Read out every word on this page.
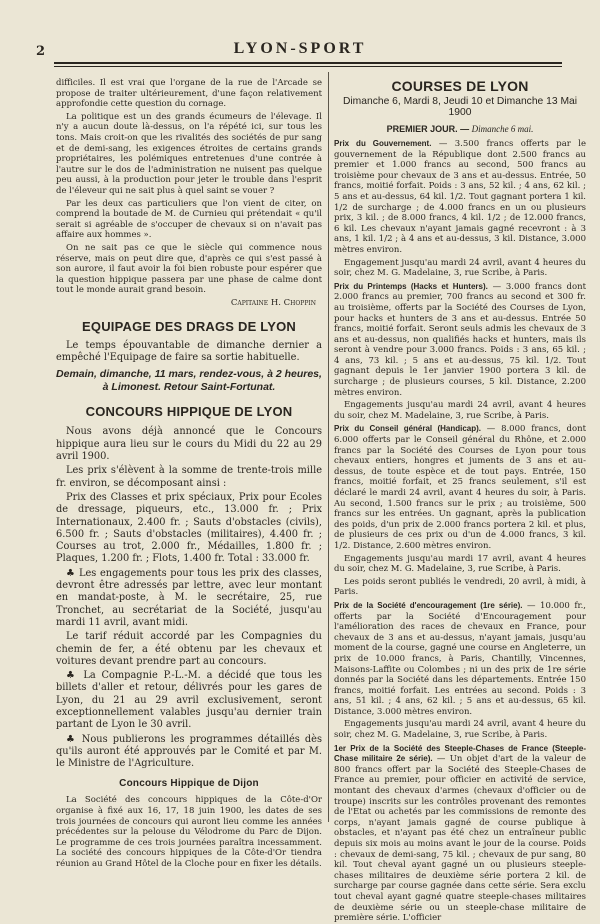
2	LYON-SPORT

difficiles. Il est vrai que l'organe de la rue de l'Arcade se propose de traiter ultérieurement, d'une façon relativement approfondie cette question du cornage.

La politique est un des grands écumeurs de l'élevage. Il n'y a aucun doute là-dessus, on l'a répété ici, sur tous les tons. Mais croit-on que les rivalités des sociétés de pur sang et de demi-sang, les exigences étroites de certains grands propriétaires, les polémiques entretenues d'une contrée à l'autre sur le dos de l'administration ne nuisent pas quelque peu aussi, à la production pour jeter le trouble dans l'esprit de l'éleveur qui ne sait plus à quel saint se vouer ?

Par les deux cas particuliers que l'on vient de citer, on comprend la boutade de M. de Curnieu qui prétendait « qu'il serait si agréable de s'occuper de chevaux si on n'avait pas affaire aux hommes ».

On ne sait pas ce que le siècle qui commence nous réserve, mais on peut dire que, d'après ce qui s'est passé à son aurore, il faut avoir la foi bien robuste pour espérer que la question hippique passera par une phase de calme dont tout le monde aurait grand besoin.

Capitaine H. Choppin
EQUIPAGE DES DRAGS DE LYON

Le temps épouvantable de dimanche dernier a empêché l'Equipage de faire sa sortie habituelle.

Demain, dimanche, 11 mars, rendez-vous, à 2 heures, à Limonest. Retour Saint-Fortunat.
CONCOURS HIPPIQUE DE LYON

Nous avons déjà annoncé que le Concours hippique aura lieu sur le cours du Midi du 22 au 29 avril 1900.

Les prix s'élèvent à la somme de trente-trois mille fr. environ, se décomposant ainsi :

Prix des Classes et prix spéciaux, Prix pour Ecoles de dressage, piqueurs, etc., 13.000 fr. ; Prix Internationaux, 2.400 fr. ; Sauts d'obstacles (civils), 6.500 fr. ; Sauts d'obstacles (militaires), 4.400 fr. ; Courses au trot, 2.000 fr., Médailles, 1.800 fr. ; Plaques, 1.200 fr. ; Flots, 1.400 fr. Total : 33.000 fr.

♣ Les engagements pour tous les prix des classes, devront être adressés par lettre, avec leur montant en mandat-poste, à M. le secrétaire, 25, rue Tronchet, au secrétariat de la Société, jusqu'au mardi 11 avril, avant midi.

Le tarif réduit accordé par les Compagnies du chemin de fer, a été obtenu par les chevaux et voitures devant prendre part au concours.

♣ La Compagnie P.-L.-M. a décidé que tous les billets d'aller et retour, délivrés pour les gares de Lyon, du 21 au 29 avril exclusivement, seront exceptionnellement valables jusqu'au dernier train partant de Lyon le 30 avril.

♣ Nous publierons les programmes détaillés dès qu'ils auront été approuvés par le Comité et par M. le Ministre de l'Agriculture.

Concours Hippique de Dijon

La Société des concours hippiques de la Côte-d'Or organise à fixé aux 16, 17, 18 juin 1900, les dates de ses trois journées de concours qui auront lieu comme les années précédentes sur la pelouse du Vélodrome du Parc de Dijon. Le programme de ces trois journées paraîtra incessamment. La société des concours hippiques de la Côte-d'Or tiendra réunion au Grand Hôtel de la Cloche pour en fixer les détails.

COURSES DE LYON
Dimanche 6, Mardi 8, Jeudi 10 et Dimanche 13 Mai 1900
PREMIER JOUR. — Dimanche 6 mai.

Prix du Gouvernement. — 3.500 francs offerts par le gouvernement de la République dont 2.500 francs au premier et 1.000 francs au second, 500 francs au troisième pour chevaux de 3 ans et au-dessus. Entrée, 50 francs, moitié forfait. Poids : 3 ans, 52 kil. ; 4 ans, 62 kil. ; 5 ans et au-dessus, 64 kil. 1/2. Tout gagnant portera 1 kil. 1/2 de surcharge ; de 4.000 francs en un ou plusieurs prix, 3 kil. ; de 8.000 francs, 4 kil. 1/2 ; de 12.000 francs, 6 kil. Les chevaux n'ayant jamais gagné recevront : à 3 ans, 1 kil. 1/2 ; à 4 ans et au-dessus, 3 kil. Distance, 3.000 mètres environ.

Engagement jusqu'au mardi 24 avril, avant 4 heures du soir, chez M. G. Madelaine, 3, rue Scribe, à Paris.

Prix du Printemps (Hacks et Hunters). — 3.000 francs dont 2.000 francs au premier, 700 francs au second et 300 fr. au troisième, offerts par la Société des Courses de Lyon, pour hacks et hunters de 3 ans et au-dessus. Entrée 50 francs, moitié forfait. Seront seuls admis les chevaux de 3 ans et au-dessus, non qualifiés hacks et hunters, mais ils seront à vendre pour 3.000 francs. Poids : 3 ans, 65 kil. ; 4 ans, 73 kil. ; 5 ans et au-dessus, 75 kil. 1/2. Tout gagnant depuis le 1er janvier 1900 portera 3 kil. de surcharge ; de plusieurs courses, 5 kil. Distance, 2.200 mètres environ.

Engagements jusqu'au mardi 24 avril, avant 4 heures du soir, chez M. Madelaine, 3, rue Scribe, à Paris.

Prix du Conseil général (Handicap). — 8.000 francs, dont 6.000 offerts par le Conseil général du Rhône, et 2.000 francs par la Société des Courses de Lyon pour tous chevaux entiers, hongres et juments de 3 ans et au-dessus, de toute espèce et de tout pays. Entrée, 150 francs, moitié forfait, et 25 francs seulement, s'il est déclaré le mardi 24 avril, avant 4 heures du soir, à Paris. Au second, 1.500 francs sur le prix ; au troisième, 500 francs sur les entrées. Un gagnant, après la publication des poids, d'un prix de 2.000 francs portera 2 kil. et plus, de plusieurs de ces prix ou d'un de 4.000 francs, 3 kil. 1/2. Distance, 2.600 mètres environ.

Engagements jusqu'au mardi 17 avril, avant 4 heures du soir, chez M. G. Madelaine, 3, rue Scribe, à Paris.

Les poids seront publiés le vendredi, 20 avril, à midi, à Paris.

Prix de la Société d'encouragement (1re série). — 10.000 fr., offerts par la Société d'Encouragement pour l'amélioration des races de chevaux en France, pour chevaux de 3 ans et au-dessus, n'ayant jamais, jusqu'au moment de la course, gagné une course en Angleterre, un prix de 10.000 francs, à Paris, Chantilly, Vincennes, Maisons-Laffite ou Colombes ; ni un des prix de 1re série donnés par la Société dans les départements. Entrée 150 francs, moitié forfait. Les entrées au second. Poids : 3 ans, 51 kil. ; 4 ans, 62 kil. ; 5 ans et au-dessus, 65 kil. Distance, 3.000 mètres environ.

Engagements jusqu'au mardi 24 avril, avant 4 heure du soir, chez M. G. Madelaine, 3, rue Scribe, à Paris.

1er Prix de la Société des Steeple-Chases de France (Steeple-Chase militaire 2e série). — Un objet d'art de la valeur de 800 francs offert par la Société des Steeple-Chases de France au premier, pour officier en activité de service, montant des chevaux d'armes (chevaux d'officier ou de troupe) inscrits sur les contrôles provenant des remontes de l'Etat ou achetés par les commissions de remonte des corps, n'ayant jamais gagné de course publique à obstacles, et n'ayant pas été chez un entraîneur public depuis six mois au moins avant le jour de la course. Poids : chevaux de demi-sang, 75 kil. ; chevaux de pur sang, 80 kil. Tout cheval ayant gagné un ou plusieurs steeple-chases militaires de deuxième série portera 2 kil. de surcharge par course gagnée dans cette série. Sera exclu tout cheval ayant gagné quatre steeple-chases militaires de deuxième série ou un steeple-chase militaire de première série. L'officier
